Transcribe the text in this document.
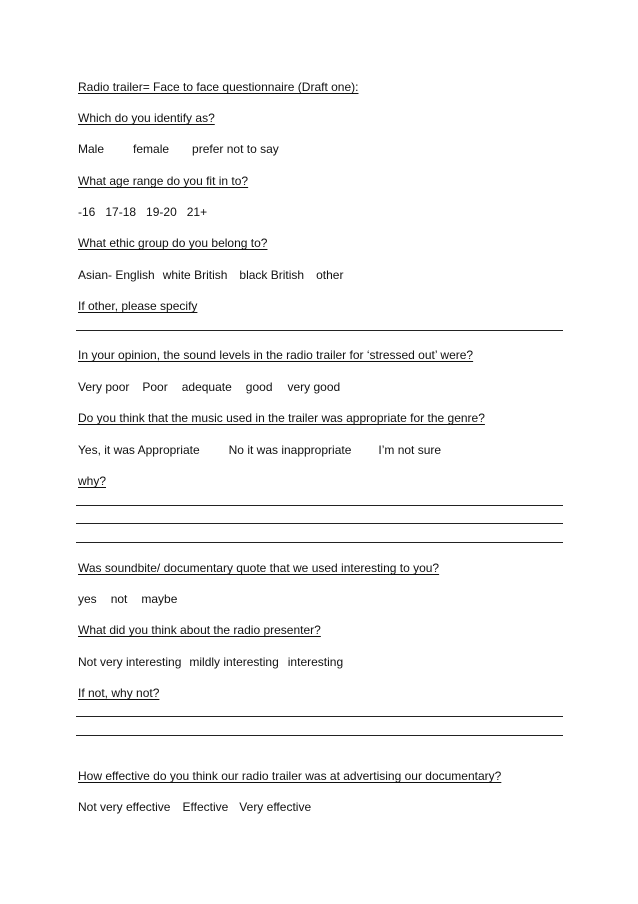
Radio trailer= Face to face questionnaire (Draft one):
Which do you identify as?
Male female prefer not to say
What age range do you fit in to?
-16 17-18 19-20 21+
What ethic group do you belong to?
Asian- English white British black British other
If other, please specify
In your opinion, the sound levels in the radio trailer for ‘stressed out’ were?
Very poor Poor adequate good very good
Do you think that the music used in the trailer was appropriate for the genre?
Yes, it was Appropriate No it was inappropriate I’m not sure
why?
Was soundbite/ documentary quote that we used interesting to you?
yes not maybe
What did you think about the radio presenter?
Not very interesting mildly interesting interesting
If not, why not?
How effective do you think our radio trailer was at advertising our documentary?
Not very effective Effective Very effective
